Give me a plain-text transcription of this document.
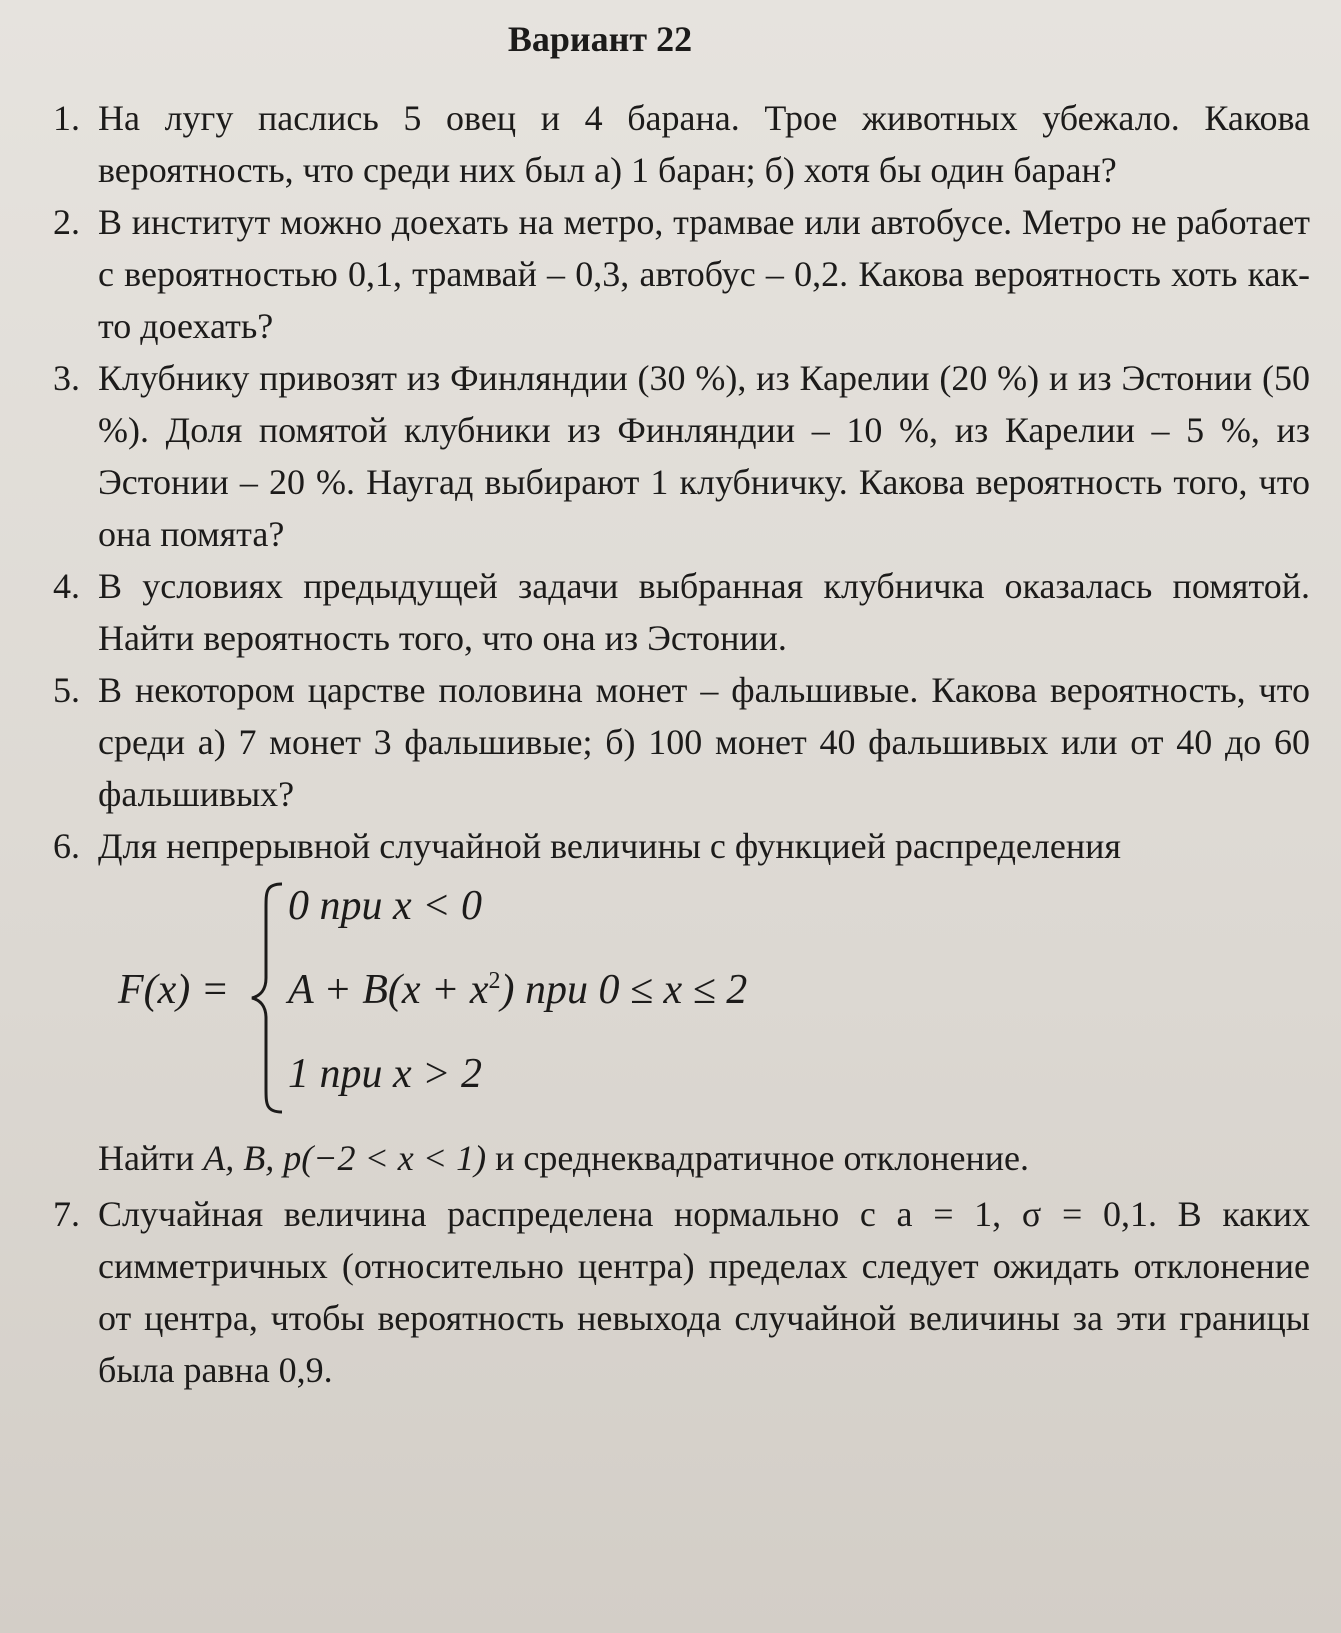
Вариант 22
1. На лугу паслись 5 овец и 4 барана. Трое животных убежало. Какова вероятность, что среди них был а) 1 баран; б) хотя бы один баран?
2. В институт можно доехать на метро, трамвае или автобусе. Метро не работает с вероятностью 0,1, трамвай – 0,3, автобус – 0,2. Какова вероятность хоть как-то доехать?
3. Клубнику привозят из Финляндии (30 %), из Карелии (20 %) и из Эстонии (50 %). Доля помятой клубники из Финляндии – 10 %, из Карелии – 5 %, из Эстонии – 20 %. Наугад выбирают 1 клубничку. Какова вероятность того, что она помята?
4. В условиях предыдущей задачи выбранная клубничка оказалась помятой. Найти вероятность того, что она из Эстонии.
5. В некотором царстве половина монет – фальшивые. Какова вероятность, что среди а) 7 монет 3 фальшивые; б) 100 монет 40 фальшивых или от 40 до 60 фальшивых?
6. Для непрерывной случайной величины с функцией распределения
F(x) =
0 при x < 0
$A + B(x + x^2)$ при 0 ≤ x ≤ 2
1 при x > 2
Найти A, B, p(−2 < x < 1) и среднеквадратичное отклонение.
7. Случайная величина распределена нормально с a = 1, σ = 0,1. В каких симметричных (относительно центра) пределах следует ожидать отклонение от центра, чтобы вероятность невыхода случайной величины за эти границы была равна 0,9.
